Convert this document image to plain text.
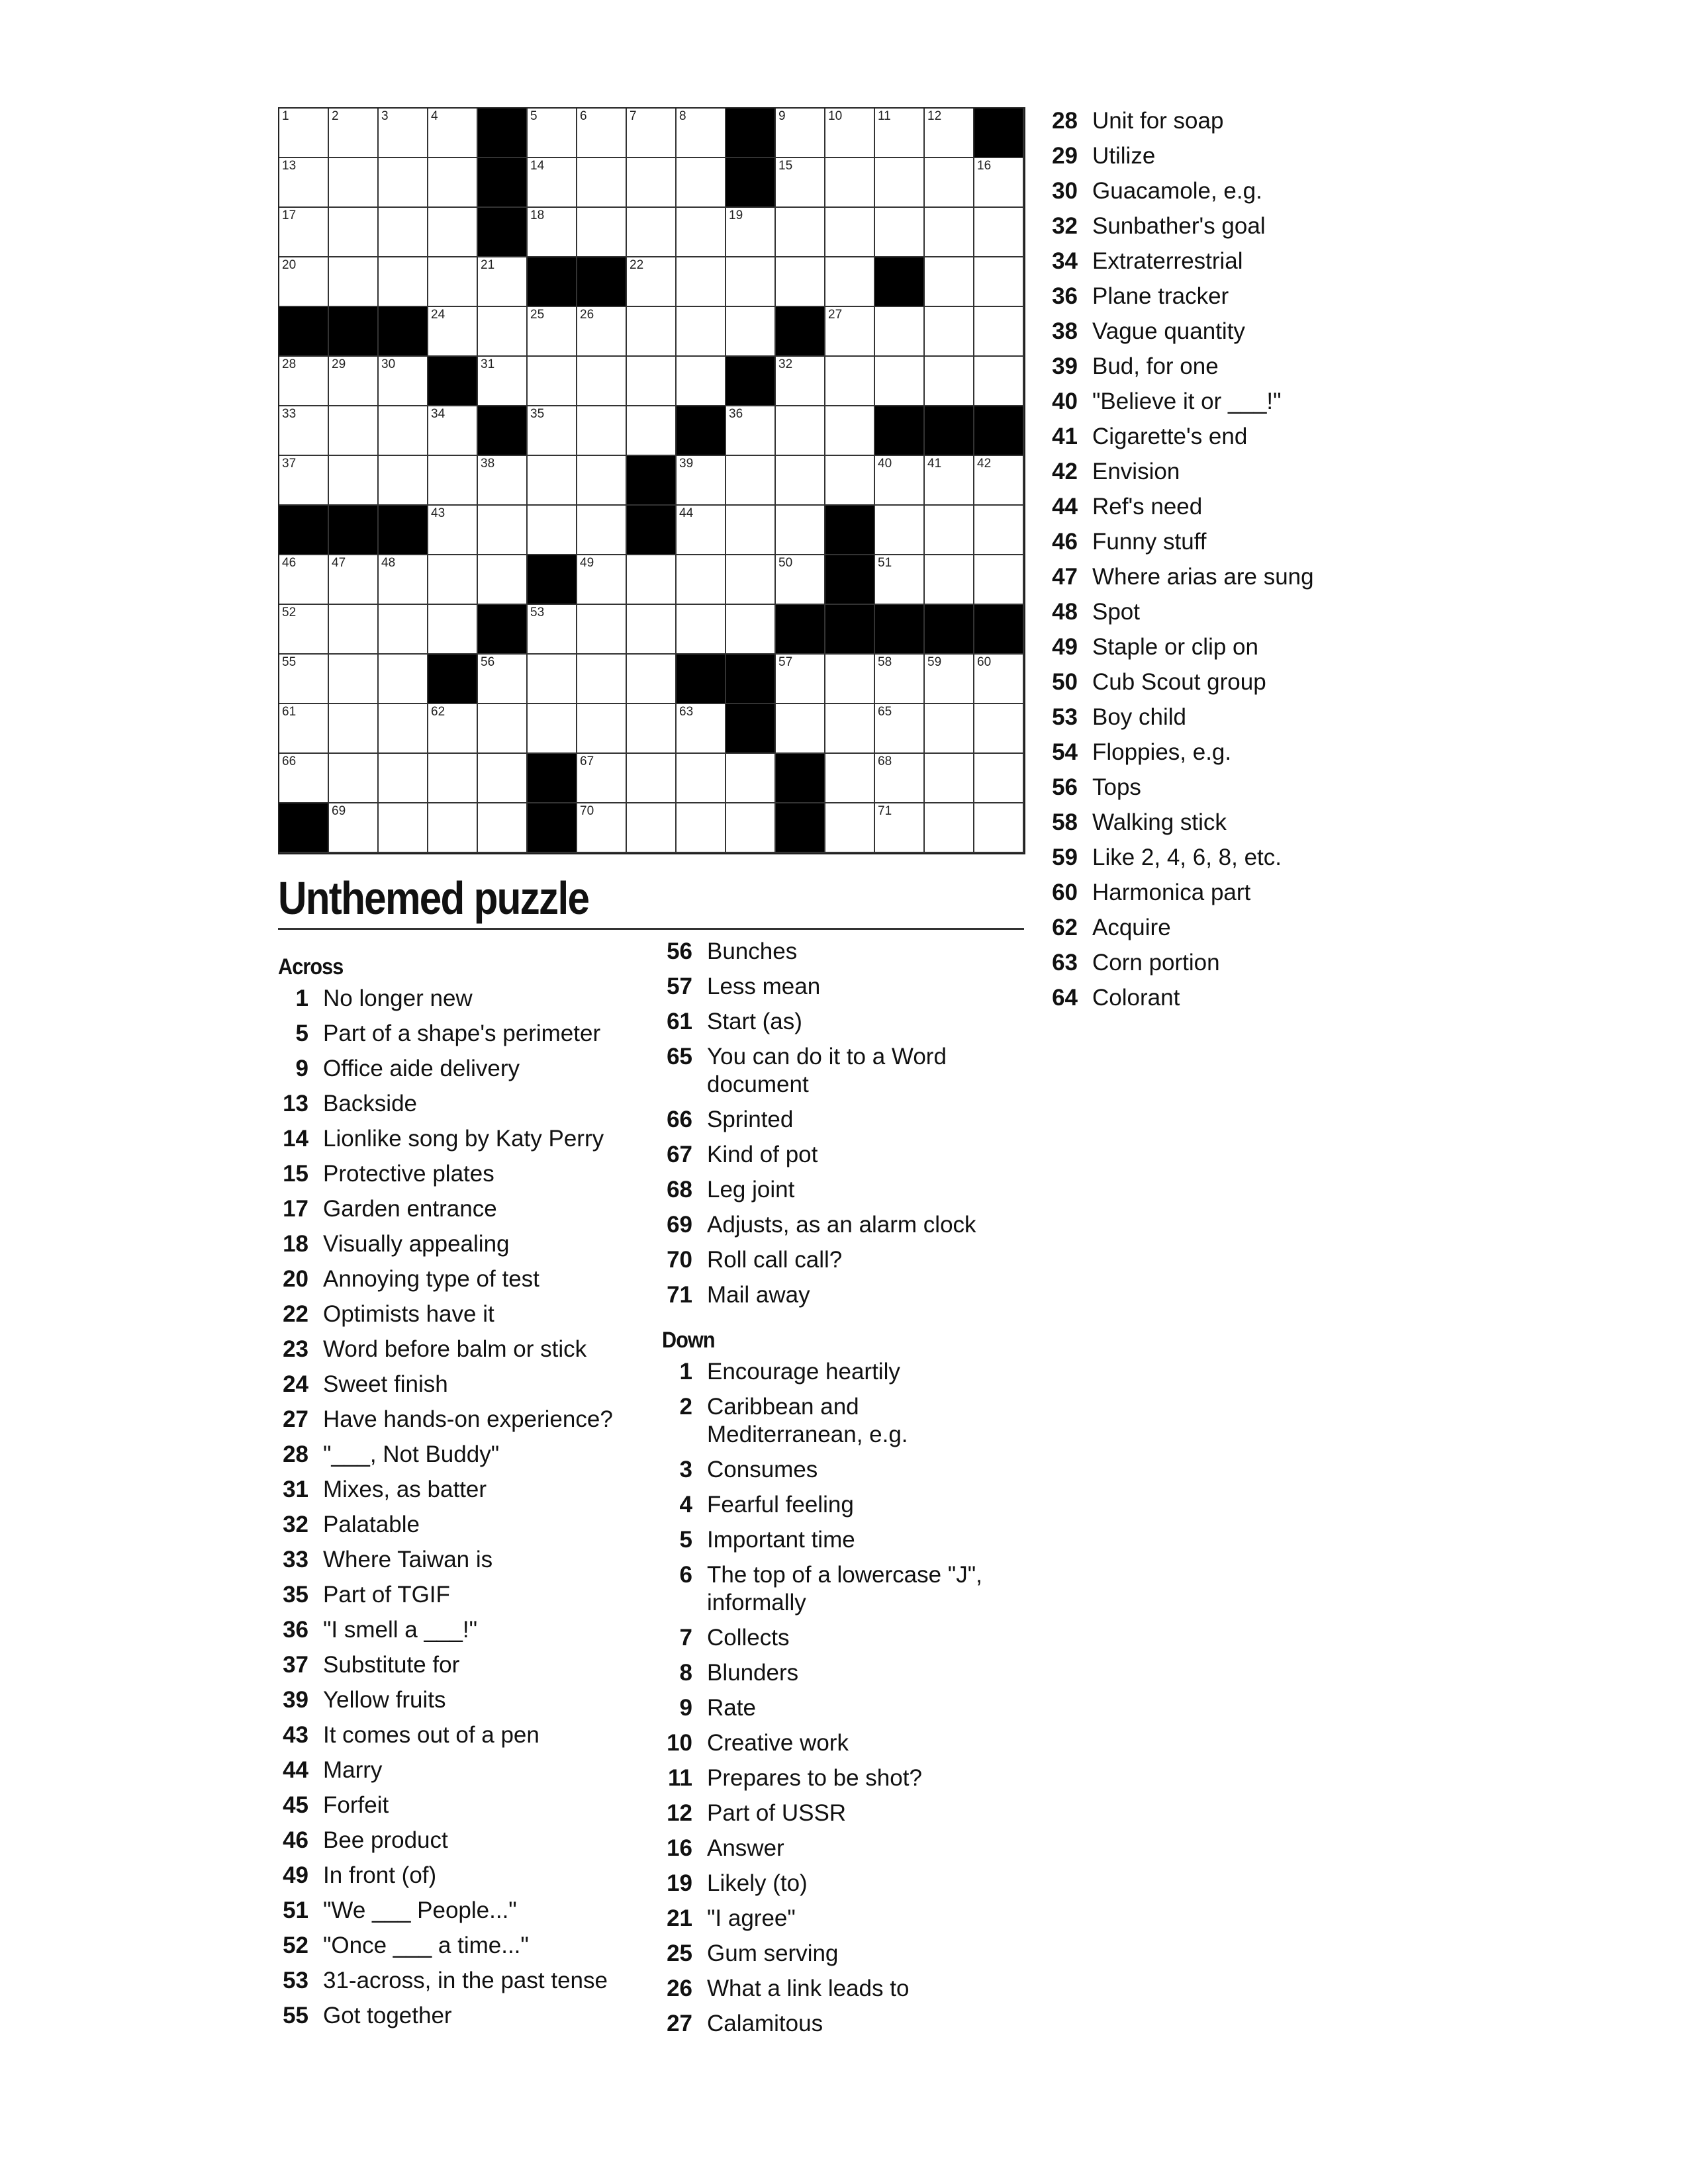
1	2	3	4	5	6	7	8	9	10	11	12
13	14	15	16
17	18	19
20	21	22
24	25	26	27
28	29	30	31	32
33	34	35	36
37	38	39	40	41	42
43	44
46	47	48	49	50	51
52	53
55	56	57	58	59	60
61	62	63	65
66	67	68
69	70	71
Unthemed puzzle
Across
1 No longer new
5 Part of a shape's perimeter
9 Office aide delivery
13 Backside
14 Lionlike song by Katy Perry
15 Protective plates
17 Garden entrance
18 Visually appealing
20 Annoying type of test
22 Optimists have it
23 Word before balm or stick
24 Sweet finish
27 Have hands-on experience?
28 "___, Not Buddy"
31 Mixes, as batter
32 Palatable
33 Where Taiwan is
35 Part of TGIF
36 "I smell a ___!"
37 Substitute for
39 Yellow fruits
43 It comes out of a pen
44 Marry
45 Forfeit
46 Bee product
49 In front (of)
51 "We ___ People..."
52 "Once ___ a time..."
53 31-across, in the past tense
55 Got together
56 Bunches
57 Less mean
61 Start (as)
65 You can do it to a Word document
66 Sprinted
67 Kind of pot
68 Leg joint
69 Adjusts, as an alarm clock
70 Roll call call?
71 Mail away
Down
1 Encourage heartily
2 Caribbean and Mediterranean, e.g.
3 Consumes
4 Fearful feeling
5 Important time
6 The top of a lowercase "J", informally
7 Collects
8 Blunders
9 Rate
10 Creative work
11 Prepares to be shot?
12 Part of USSR
16 Answer
19 Likely (to)
21 "I agree"
25 Gum serving
26 What a link leads to
27 Calamitous
28 Unit for soap
29 Utilize
30 Guacamole, e.g.
32 Sunbather's goal
34 Extraterrestrial
36 Plane tracker
38 Vague quantity
39 Bud, for one
40 "Believe it or ___!"
41 Cigarette's end
42 Envision
44 Ref's need
46 Funny stuff
47 Where arias are sung
48 Spot
49 Staple or clip on
50 Cub Scout group
53 Boy child
54 Floppies, e.g.
56 Tops
58 Walking stick
59 Like 2, 4, 6, 8, etc.
60 Harmonica part
62 Acquire
63 Corn portion
64 Colorant
